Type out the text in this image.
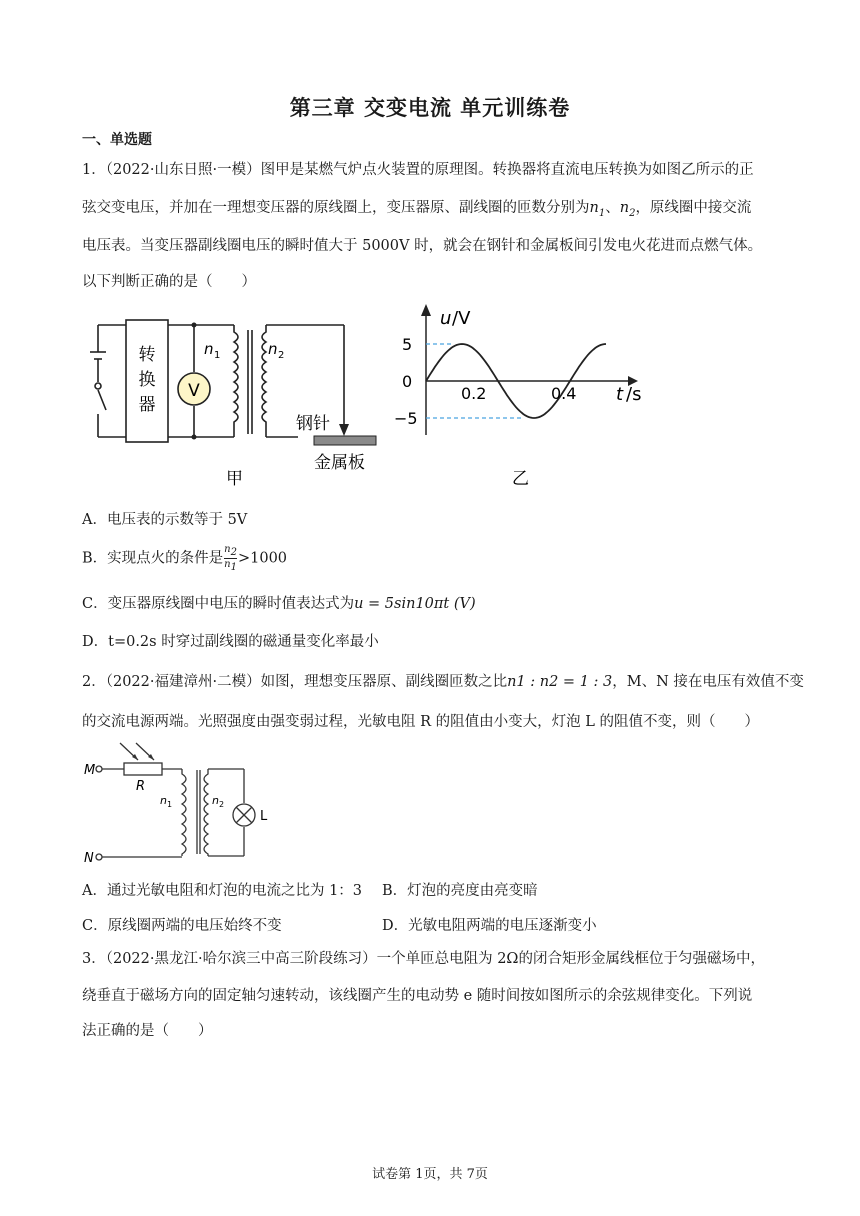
第三章 交变电流 单元训练卷
一、单选题
1．（2022·山东日照·一模）图甲是某燃气炉点火装置的原理图。转换器将直流电压转换为如图乙所示的正
弦交变电压，并加在一理想变压器的原线圈上，变压器原、副线圈的匝数分别为$n_1$、$n_2$，原线圈中接交流
电压表。当变压器副线圈电压的瞬时值大于 5000V 时，就会在钢针和金属板间引发电火花进而点燃气体。
以下判断正确的是（　　）
V
转
换
器
n 1	n 2
钢针
金属板
甲
u /V
t /s
5
0
−5
0.2	0.4
乙
A．电压表的示数等于 5V
B．实现点火的条件是 $\frac{n_2}{n_1} >1000$
C．变压器原线圈中电压的瞬时值表达式为u = 5sin10πt (V)
D．t=0.2s 时穿过副线圈的磁通量变化率最小
2．（2022·福建漳州·二模）如图，理想变压器原、副线圈匝数之比n1 : n2 = 1 : 3，M、N 接在电压有效值不变
的交流电源两端。光照强度由强变弱过程，光敏电阻 R 的阻值由小变大，灯泡 L 的阻值不变，则（　　）
M
N
R
n 1	n 2
L
A．通过光敏电阻和灯泡的电流之比为 1：3 B．灯泡的亮度由亮变暗
C．原线圈两端的电压始终不变	D．光敏电阻两端的电压逐渐变小
3．（2022·黑龙江·哈尔滨三中高三阶段练习）一个单匝总电阻为 2Ω的闭合矩形金属线框位于匀强磁场中，
绕垂直于磁场方向的固定轴匀速转动，该线圈产生的电动势 e 随时间按如图所示的余弦规律变化。下列说
法正确的是（　　）
试卷第 1页，共 7页
